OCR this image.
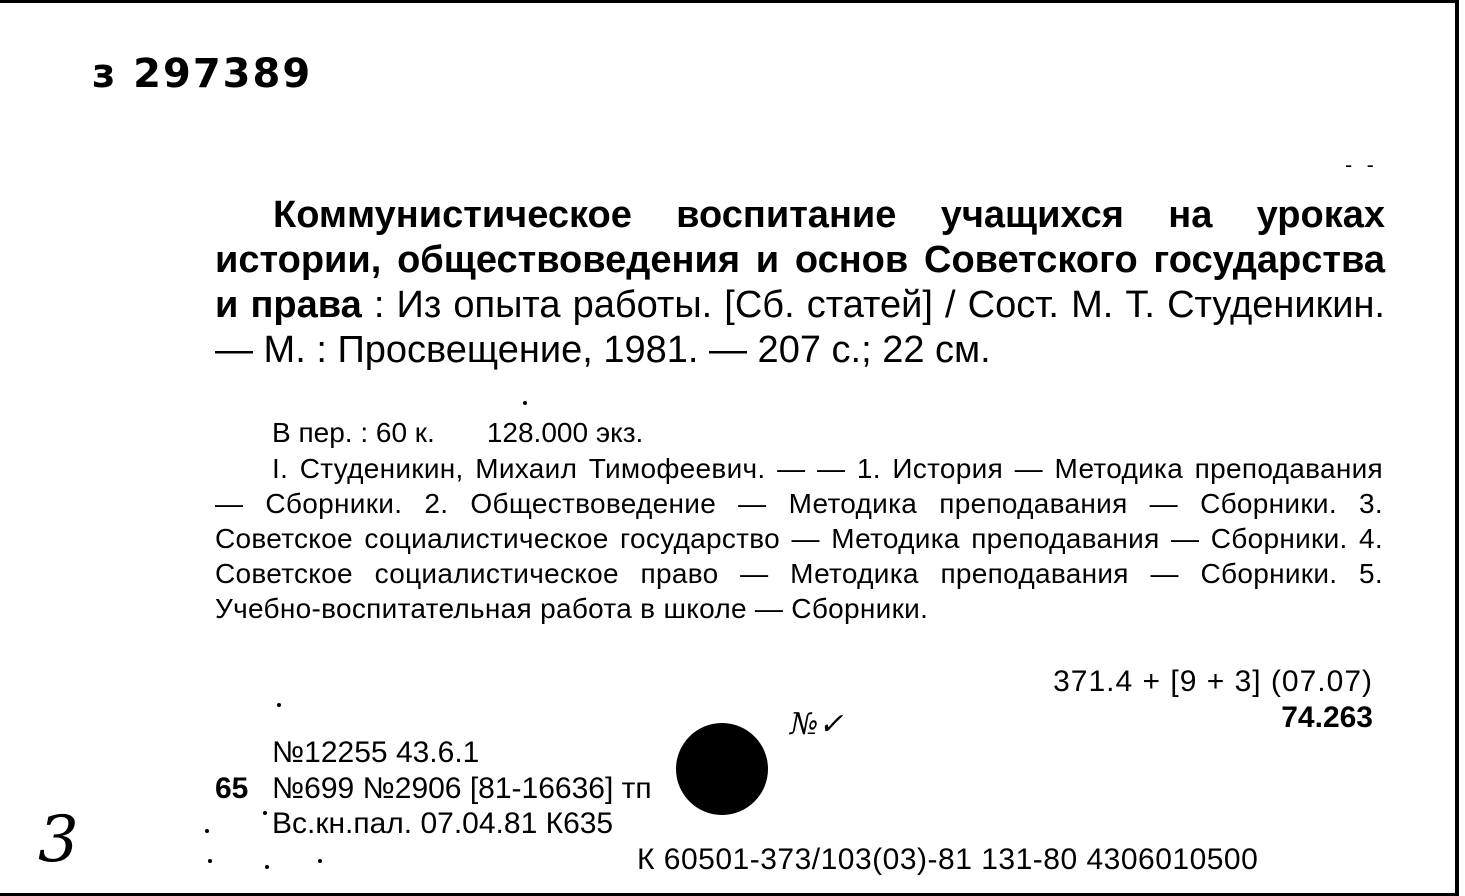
з 297389
- -
Коммунистическое воспитание учащихся на уроках истории, обществоведения и основ Советского государства и права : Из опыта работы. [Сб. статей] / Сост. М. Т. Студеникин. — М. : Просвещение, 1981. — 207 с.; 22 см.
В пер. : 60 к. 128.000 экз.
I. Студеникин, Михаил Тимофеевич. — — 1. История — Методика преподавания — Сборники. 2. Обществоведение — Методика преподавания — Сборники. 3. Советское социалистическое государство — Методика преподавания — Сборники. 4. Советское социалистическое право — Методика преподавания — Сборники. 5. Учебно-воспитательная работа в школе — Сборники.
371.4 + [9 + 3] (07.07)
74.263
№✓
№12255 43.6.1
65 №699 №2906 [81-16636] тп
Вс.кн.пал. 07.04.81 К635
К 60501-373/103(03)-81 131-80 4306010500
3
